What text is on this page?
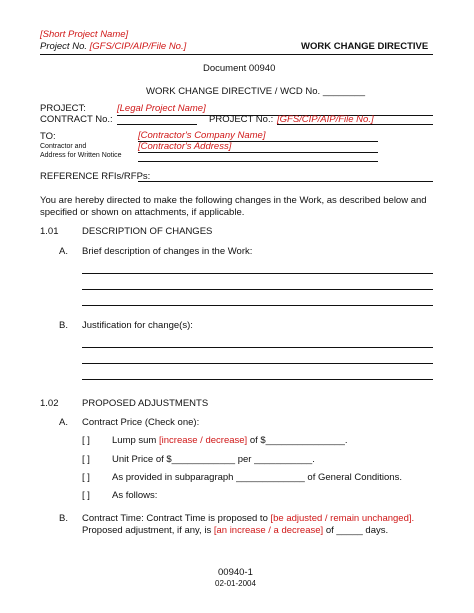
[Short Project Name]
Project No. [GFS/CIP/AIP/File No.]	WORK CHANGE DIRECTIVE
Document 00940
WORK CHANGE DIRECTIVE / WCD No. ________
PROJECT:	[Legal Project Name]
CONTRACT No.:	PROJECT No.: [GFS/CIP/AIP/File No.]
TO:
Contractor and
Address for Written Notice
[Contractor's Company Name]
[Contractor's Address]
REFERENCE RFIs/RFPs:
You are hereby directed to make the following changes in the Work, as described below and
specified or shown on attachments, if applicable.
1.01 DESCRIPTION OF CHANGES
A. Brief description of changes in the Work:
B. Justification for change(s):
1.02 PROPOSED ADJUSTMENTS
A. Contract Price (Check one):
[ ] Lump sum [increase / decrease] of $_______________.
[ ] Unit Price of $____________ per ___________.
[ ] As provided in subparagraph _____________ of General Conditions.
[ ] As follows:
B. Contract Time: Contract Time is proposed to [be adjusted / remain unchanged].
Proposed adjustment, if any, is [an increase / a decrease] of _____ days.
00940-1
02-01-2004
